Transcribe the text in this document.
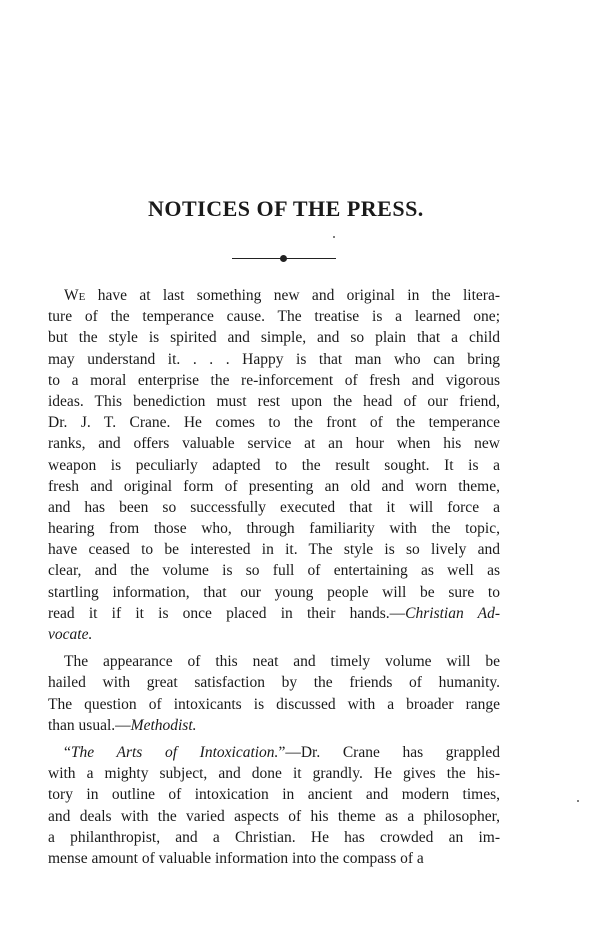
NOTICES OF THE PRESS.
We have at last something new and original in the litera-
ture of the temperance cause. The treatise is a learned one;
but the style is spirited and simple, and so plain that a child
may understand it. . . . Happy is that man who can bring
to a moral enterprise the re-inforcement of fresh and vigorous
ideas. This benediction must rest upon the head of our friend,
Dr. J. T. Crane. He comes to the front of the temperance
ranks, and offers valuable service at an hour when his new
weapon is peculiarly adapted to the result sought. It is a
fresh and original form of presenting an old and worn theme,
and has been so successfully executed that it will force a
hearing from those who, through familiarity with the topic,
have ceased to be interested in it. The style is so lively and
clear, and the volume is so full of entertaining as well as
startling information, that our young people will be sure to
read it if it is once placed in their hands.—Christian Ad-
vocate.
The appearance of this neat and timely volume will be
hailed with great satisfaction by the friends of humanity.
The question of intoxicants is discussed with a broader range
than usual.—Methodist.
“The Arts of Intoxication.”—Dr. Crane has grappled
with a mighty subject, and done it grandly. He gives the his-
tory in outline of intoxication in ancient and modern times,
and deals with the varied aspects of his theme as a philosopher,
a philanthropist, and a Christian. He has crowded an im-
mense amount of valuable information into the compass of a
